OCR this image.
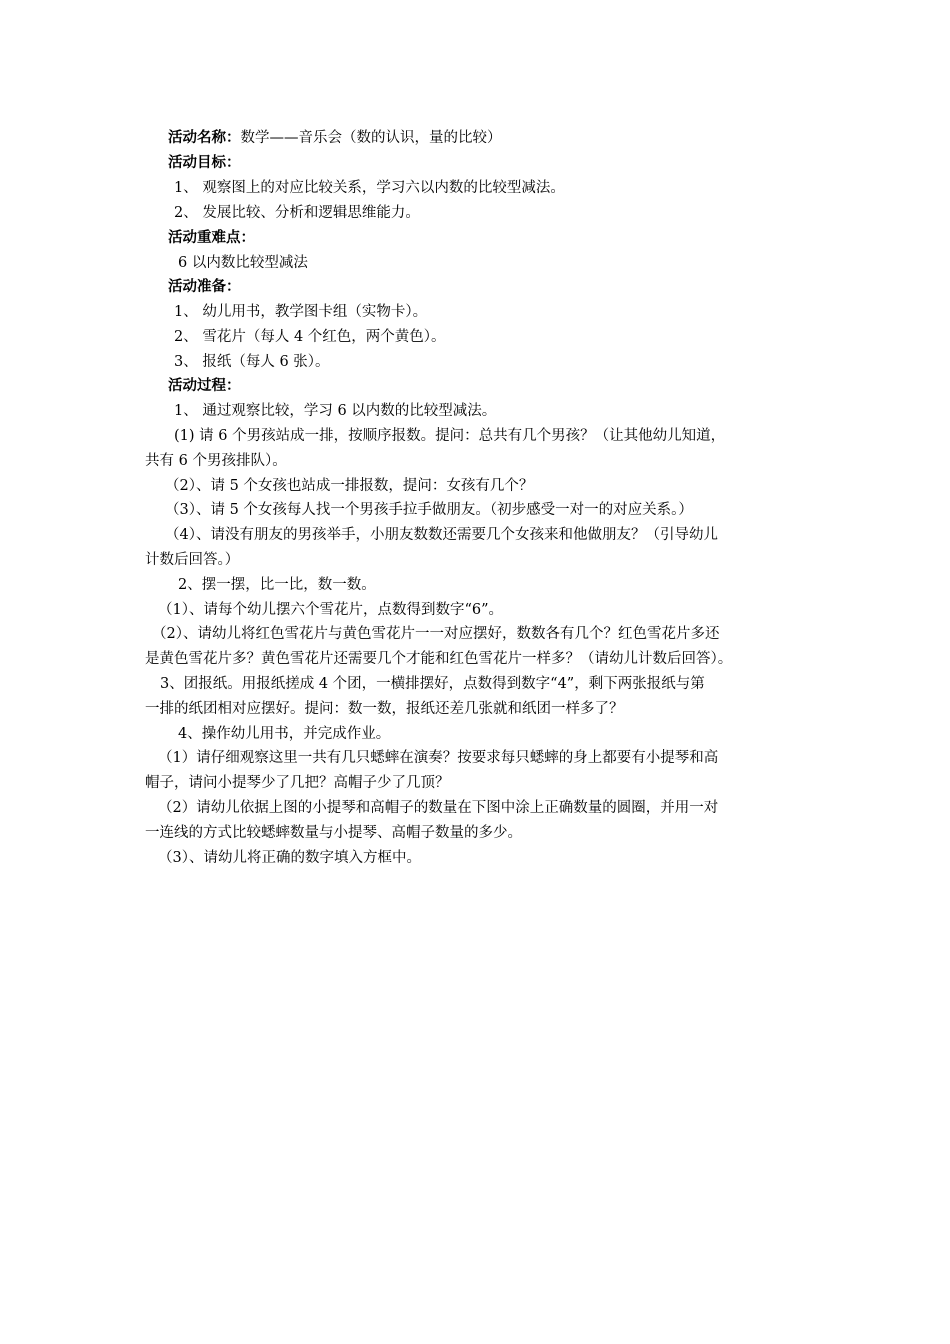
活动名称：数学——音乐会（数的认识，量的比较）
活动目标：
1、 观察图上的对应比较关系，学习六以内数的比较型减法。
2、 发展比较、分析和逻辑思维能力。
活动重难点：
6 以内数比较型减法
活动准备：
1、 幼儿用书，教学图卡组（实物卡）。
2、 雪花片（每人 4 个红色，两个黄色）。
3、 报纸（每人 6 张）。
活动过程：
1、 通过观察比较，学习 6 以内数的比较型减法。
(1) 请 6 个男孩站成一排，按顺序报数。提问：总共有几个男孩？（让其他幼儿知道，
共有 6 个男孩排队）。
（2）、请 5 个女孩也站成一排报数，提问：女孩有几个？
（3）、请 5 个女孩每人找一个男孩手拉手做朋友。（初步感受一对一的对应关系。）
（4）、请没有朋友的男孩举手，小朋友数数还需要几个女孩来和他做朋友？（引导幼儿
计数后回答。）
2、摆一摆，比一比，数一数。
（1）、请每个幼儿摆六个雪花片，点数得到数字“6”。
（2）、请幼儿将红色雪花片与黄色雪花片一一对应摆好，数数各有几个？红色雪花片多还
是黄色雪花片多？黄色雪花片还需要几个才能和红色雪花片一样多？（请幼儿计数后回答）。
3、团报纸。用报纸搓成 4 个团，一横排摆好，点数得到数字“4”，剩下两张报纸与第
一排的纸团相对应摆好。提问：数一数，报纸还差几张就和纸团一样多了？
4、操作幼儿用书，并完成作业。
（1）请仔细观察这里一共有几只蟋蟀在演奏？按要求每只蟋蟀的身上都要有小提琴和高
帽子，请问小提琴少了几把？高帽子少了几顶？
（2）请幼儿依据上图的小提琴和高帽子的数量在下图中涂上正确数量的圆圈，并用一对
一连线的方式比较蟋蟀数量与小提琴、高帽子数量的多少。
（3）、请幼儿将正确的数字填入方框中。
